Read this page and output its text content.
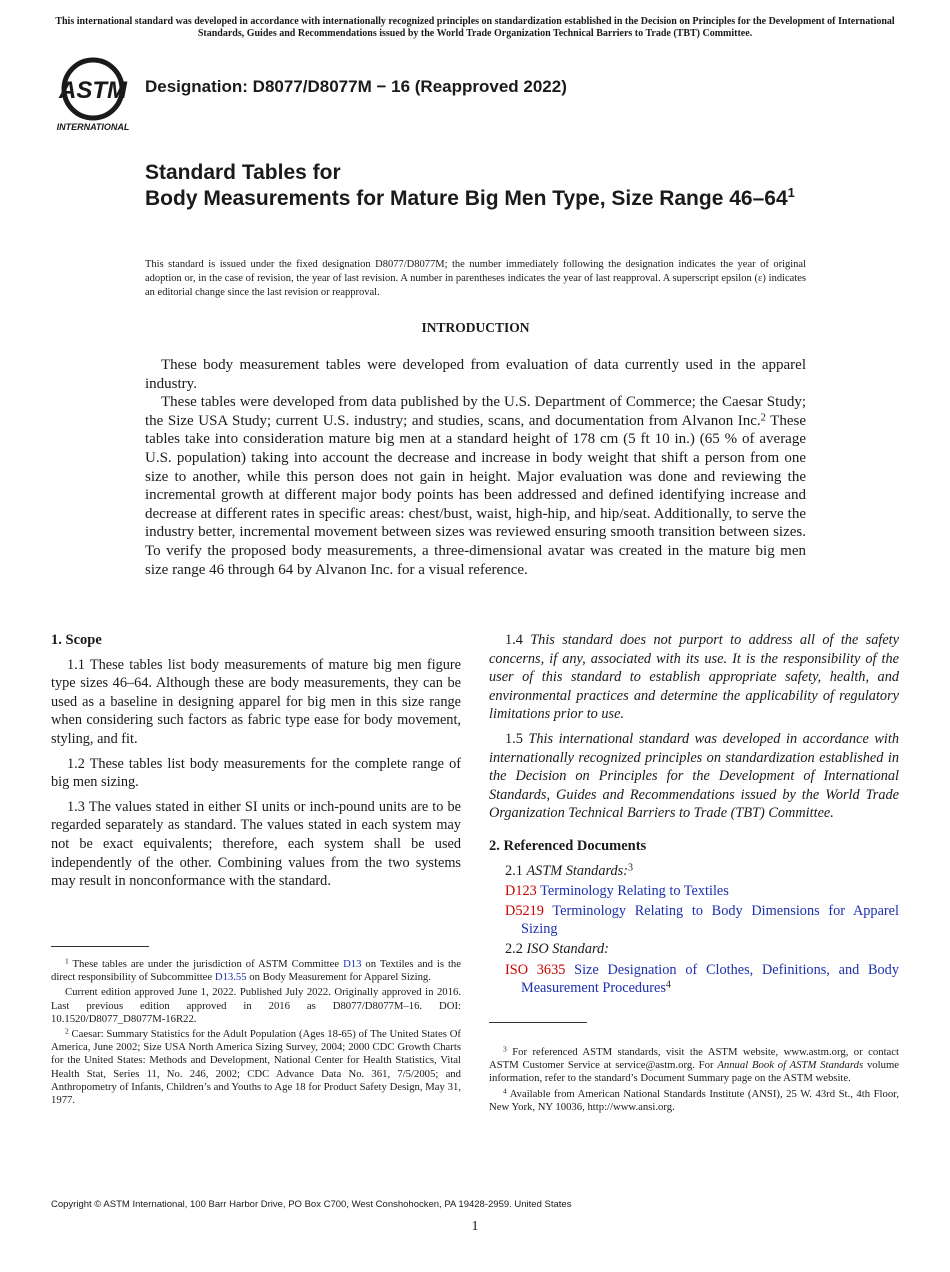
This international standard was developed in accordance with internationally recognized principles on standardization established in the Decision on Principles for the Development of International Standards, Guides and Recommendations issued by the World Trade Organization Technical Barriers to Trade (TBT) Committee.
ASTM
INTERNATIONAL
Designation: D8077/D8077M − 16 (Reapproved 2022)
Standard Tables for
Body Measurements for Mature Big Men Type, Size Range $46-64^1$
This standard is issued under the fixed designation D8077/D8077M; the number immediately following the designation indicates the year of original adoption or, in the case of revision, the year of last revision. A number in parentheses indicates the year of last reapproval. A superscript epsilon (ε) indicates an editorial change since the last revision or reapproval.
INTRODUCTION

These body measurement tables were developed from evaluation of data currently used in the apparel industry.

These tables were developed from data published by the U.S. Department of Commerce; the Caesar Study; the Size USA Study; current U.S. industry; and studies, scans, and documentation from Alvanon Inc.$^2$ These tables take into consideration mature big men at a standard height of 178 cm (5 ft 10 in.) (65 % of average U.S. population) taking into account the decrease and increase in body weight that shift a person from one size to another, while this person does not gain in height. Major evaluation was done and reviewing the incremental growth at different major body points has been addressed and defined identifying increase and decrease at different rates in specific areas: chest/bust, waist, high-hip, and hip/seat. Additionally, to serve the industry better, incremental movement between sizes was reviewed ensuring smooth transition between sizes. To verify the proposed body measurements, a three-dimensional avatar was created in the mature big men size range 46 through 64 by Alvanon Inc. for a visual reference.

1. Scope

1.1 These tables list body measurements of mature big men figure type sizes 46–64. Although these are body measurements, they can be used as a baseline in designing apparel for big men in this size range when considering such factors as fabric type ease for body movement, styling, and fit.

1.2 These tables list body measurements for the complete range of big men sizing.

1.3 The values stated in either SI units or inch-pound units are to be regarded separately as standard. The values stated in each system may not be exact equivalents; therefore, each system shall be used independently of the other. Combining values from the two systems may result in nonconformance with the standard.

1.4 This standard does not purport to address all of the safety concerns, if any, associated with its use. It is the responsibility of the user of this standard to establish appropriate safety, health, and environmental practices and determine the applicability of regulatory limitations prior to use.

1.5 This international standard was developed in accordance with internationally recognized principles on standardization established in the Decision on Principles for the Development of International Standards, Guides and Recommendations issued by the World Trade Organization Technical Barriers to Trade (TBT) Committee.

2. Referenced Documents
2.1 ASTM Standards:$^3$
D123 Terminology Relating to Textiles
D5219 Terminology Relating to Body Dimensions for Apparel Sizing
2.2 ISO Standard:
ISO 3635 Size Designation of Clothes, Definitions, and Body Measurement Procedures$^4$

$^1$ These tables are under the jurisdiction of ASTM Committee D13 on Textiles and is the direct responsibility of Subcommittee D13.55 on Body Measurement for Apparel Sizing.

Current edition approved June 1, 2022. Published July 2022. Originally approved in 2016. Last previous edition approved in 2016 as D8077/D8077M–16. DOI: 10.1520/D8077_D8077M-16R22.

$^2$ Caesar: Summary Statistics for the Adult Population (Ages 18-65) of The United States Of America, June 2002; Size USA North America Sizing Survey, 2004; 2000 CDC Growth Charts for the United States: Methods and Development, National Center for Health Statistics, Vital Health Stat, Series 11, No. 246, 2002; CDC Advance Data No. 361, 7/5/2005; and Anthropometry of Infants, Children’s and Youths to Age 18 for Product Safety Design, May 31, 1977.

$^3$ For referenced ASTM standards, visit the ASTM website, www.astm.org, or contact ASTM Customer Service at service@astm.org. For Annual Book of ASTM Standards volume information, refer to the standard’s Document Summary page on the ASTM website.

$^4$ Available from American National Standards Institute (ANSI), 25 W. 43rd St., 4th Floor, New York, NY 10036, http://www.ansi.org.

Copyright © ASTM International, 100 Barr Harbor Drive, PO Box C700, West Conshohocken, PA 19428-2959. United States
1
